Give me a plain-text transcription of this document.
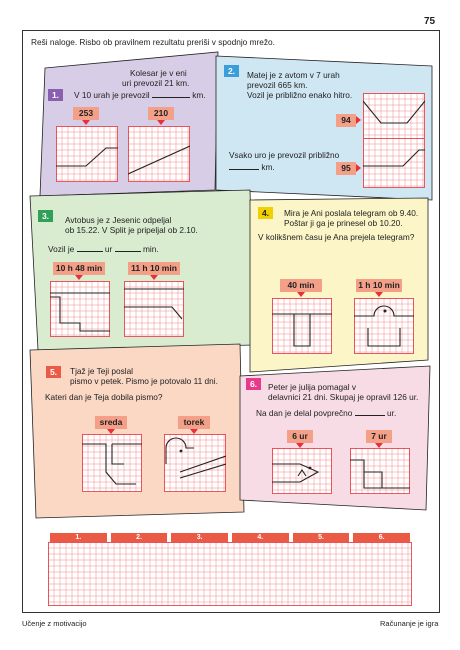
75
Reši naloge. Risbo ob pravilnem rezultatu preriši v spodnjo mrežo.
1.
Kolesar je v eni
uri prevozil 21 km.
V 10 urah je prevozil	km.
253	210
2.	Matej je z avtom v 7 urah
prevozil 665 km.
Vozil je približno enako hitro.
94
Vsako uro je prevozil približno
km.	95
3.	Avtobus je z Jesenic odpeljal
ob 15.22. V Split je pripeljal ob 2.10.
Vozil je	ur	min.
10 h 48 min	11 h 10 min
4.	Mira je Ani poslala telegram ob 9.40.
Poštar ji ga je prinesel ob 10.20.
V kolikšnem času je Ana prejela telegram?
40 min	1 h 10 min
5.	Tjaž je Teji poslal
pismo v petek. Pismo je potovalo 11 dni.
Kateri dan je Teja dobila pismo?
sreda	torek
6.	Peter je julija pomagal v
delavnici 21 dni. Skupaj je opravil 126 ur.
Na dan je delal povprečno	ur.
6 ur	7 ur
1.	2.	3.	4.	5.	6.
Učenje z motivacijo	Računanje je igra
